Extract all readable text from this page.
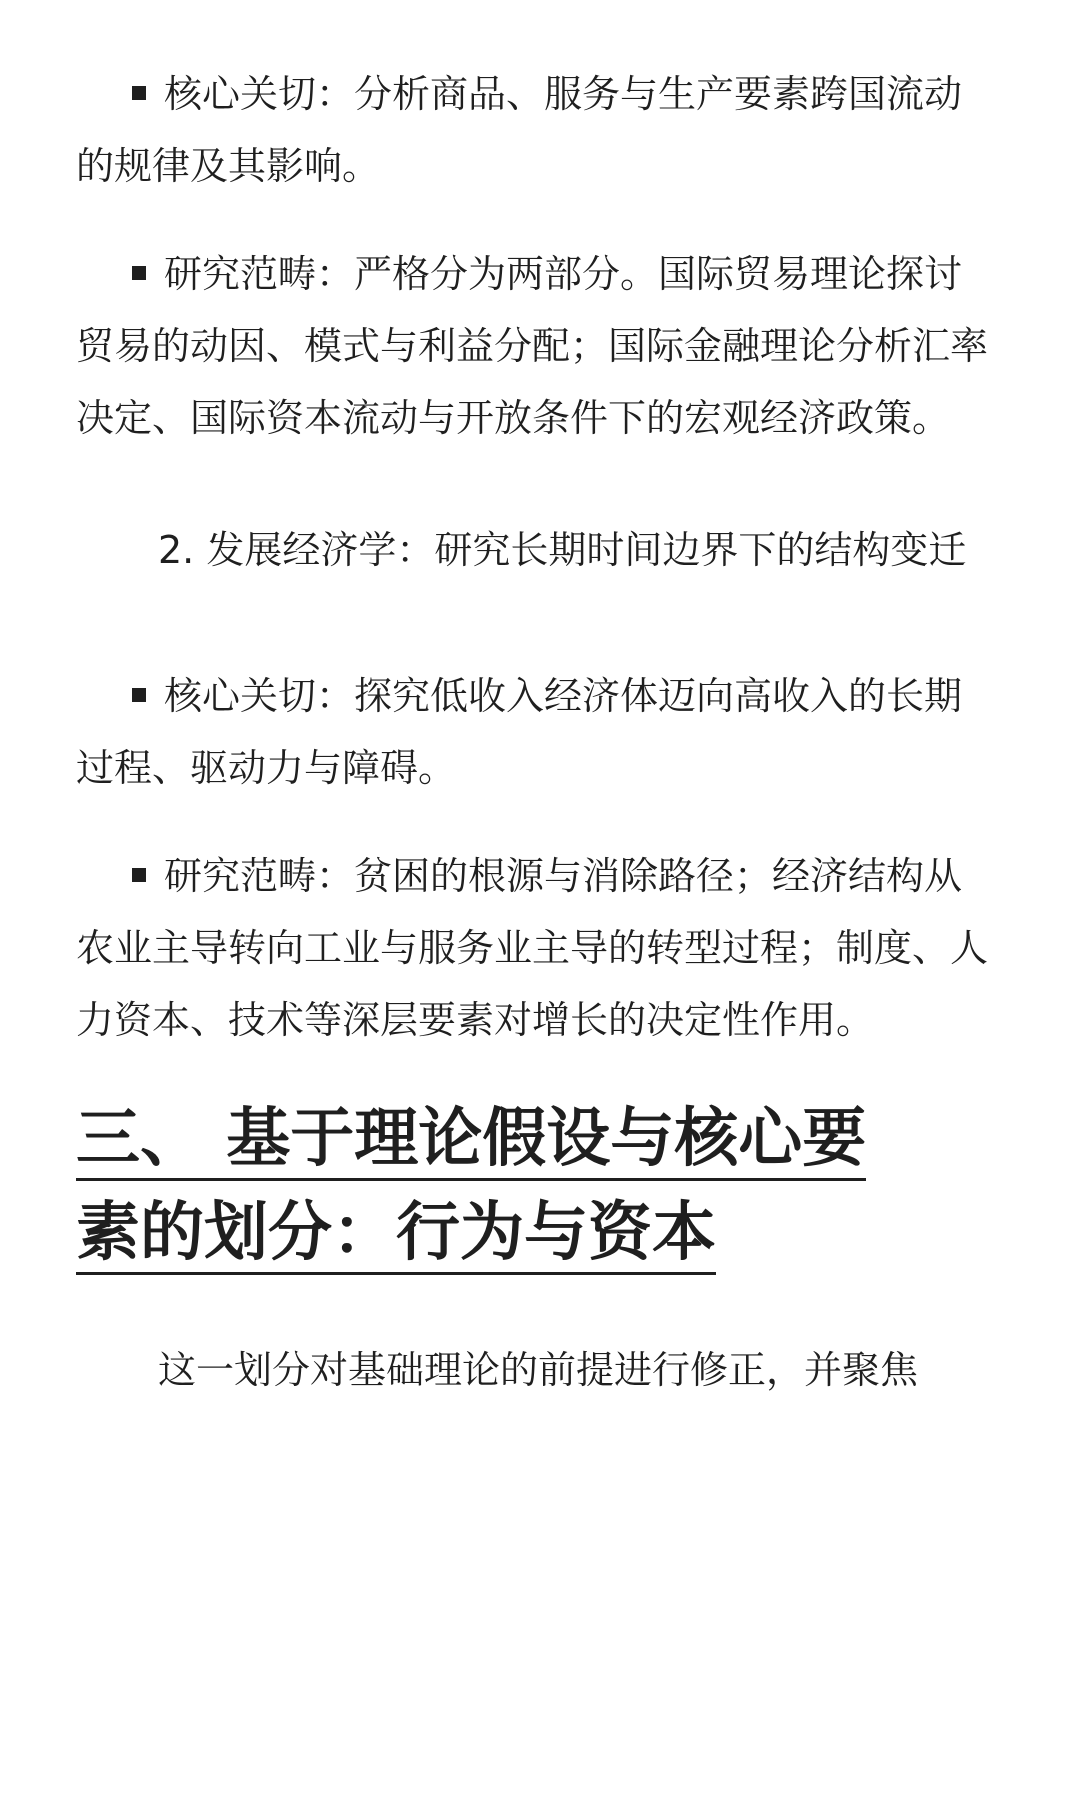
核心关切：分析商品、服务与生产要素跨国流动的规律及其影响。

研究范畴：严格分为两部分。国际贸易理论探讨贸易的动因、模式与利益分配；国际金融理论分析汇率决定、国际资本流动与开放条件下的宏观经济政策。

2. 发展经济学：研究长期时间边界下的结构变迁

核心关切：探究低收入经济体迈向高收入的长期过程、驱动力与障碍。

研究范畴：贫困的根源与消除路径；经济结构从农业主导转向工业与服务业主导的转型过程；制度、人力资本、技术等深层要素对增长的决定性作用。

三、 基于理论假设与核心要
素的划分：行为与资本

这一划分对基础理论的前提进行修正，并聚焦
